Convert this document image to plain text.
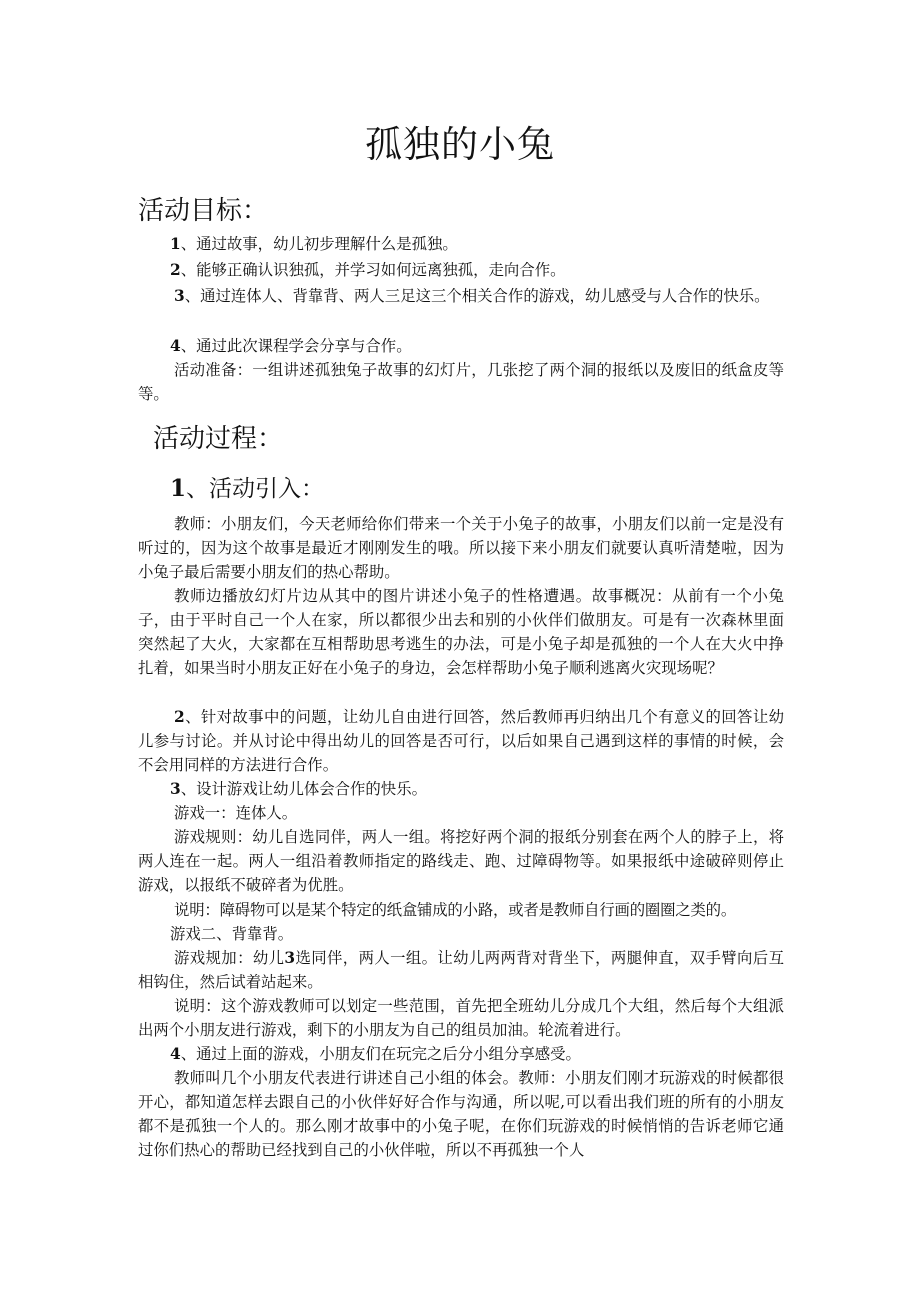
孤独的小兔
活动目标：

1、通过故事，幼儿初步理解什么是孤独。

2、能够正确认识独孤，并学习如何远离独孤，走向合作。

3、通过连体人、背靠背、两人三足这三个相关合作的游戏，幼儿感受与人合作的快乐。

4、通过此次课程学会分享与合作。

活动准备：一组讲述孤独兔子故事的幻灯片，几张挖了两个洞的报纸以及废旧的纸盒皮等等。

活动过程：
1、活动引入：

教师：小朋友们，今天老师给你们带来一个关于小兔子的故事，小朋友们以前一定是没有听过的，因为这个故事是最近才刚刚发生的哦。所以接下来小朋友们就要认真听清楚啦，因为小兔子最后需要小朋友们的热心帮助。

教师边播放幻灯片边从其中的图片讲述小兔子的性格遭遇。故事概况：从前有一个小兔子，由于平时自己一个人在家，所以都很少出去和别的小伙伴们做朋友。可是有一次森林里面突然起了大火，大家都在互相帮助思考逃生的办法，可是小兔子却是孤独的一个人在大火中挣扎着，如果当时小朋友正好在小兔子的身边，会怎样帮助小兔子顺利逃离火灾现场呢？

2、针对故事中的问题，让幼儿自由进行回答，然后教师再归纳出几个有意义的回答让幼儿参与讨论。并从讨论中得出幼儿的回答是否可行，以后如果自己遇到这样的事情的时候，会不会用同样的方法进行合作。

3、设计游戏让幼儿体会合作的快乐。

游戏一：连体人。

游戏规则：幼儿自选同伴，两人一组。将挖好两个洞的报纸分别套在两个人的脖子上，将两人连在一起。两人一组沿着教师指定的路线走、跑、过障碍物等。如果报纸中途破碎则停止游戏，以报纸不破碎者为优胜。

说明：障碍物可以是某个特定的纸盒铺成的小路，或者是教师自行画的圈圈之类的。

游戏二、背靠背。

游戏规加：幼儿3选同伴，两人一组。让幼儿两两背对背坐下，两腿伸直，双手臂向后互相钩住，然后试着站起来。

说明：这个游戏教师可以划定一些范围，首先把全班幼儿分成几个大组，然后每个大组派出两个小朋友进行游戏，剩下的小朋友为自己的组员加油。轮流着进行。

4、通过上面的游戏，小朋友们在玩完之后分小组分享感受。

教师叫几个小朋友代表进行讲述自己小组的体会。教师：小朋友们刚才玩游戏的时候都很开心，都知道怎样去跟自己的小伙伴好好合作与沟通，所以呢,可以看出我们班的所有的小朋友都不是孤独一个人的。那么刚才故事中的小兔子呢，在你们玩游戏的时候悄悄的告诉老师它通过你们热心的帮助已经找到自己的小伙伴啦，所以不再孤独一个人
